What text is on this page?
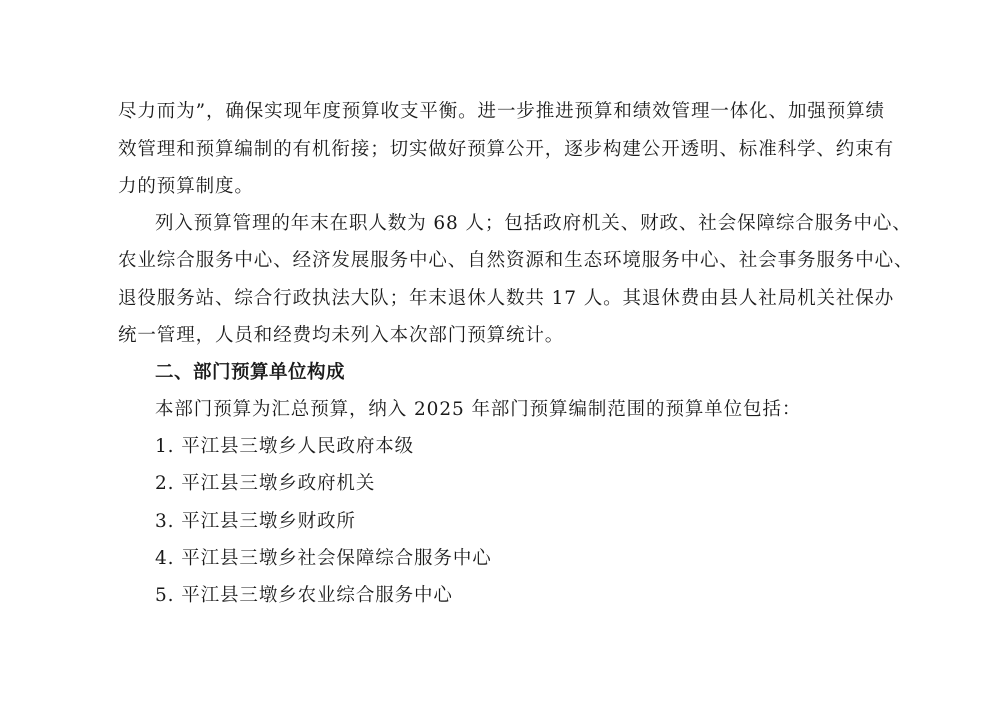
尽力而为”，确保实现年度预算收支平衡。进一步推进预算和绩效管理一体化、加强预算绩
效管理和预算编制的有机衔接；切实做好预算公开，逐步构建公开透明、标准科学、约束有
力的预算制度。
列入预算管理的年末在职人数为 68 人；包括政府机关、财政、社会保障综合服务中心、
农业综合服务中心、经济发展服务中心、自然资源和生态环境服务中心、社会事务服务中心、
退役服务站、综合行政执法大队；年末退休人数共 17 人。其退休费由县人社局机关社保办
统一管理，人员和经费均未列入本次部门预算统计。
二、部门预算单位构成
本部门预算为汇总预算，纳入 2025 年部门预算编制范围的预算单位包括：
1. 平江县三墩乡人民政府本级
2. 平江县三墩乡政府机关
3. 平江县三墩乡财政所
4. 平江县三墩乡社会保障综合服务中心
5. 平江县三墩乡农业综合服务中心
